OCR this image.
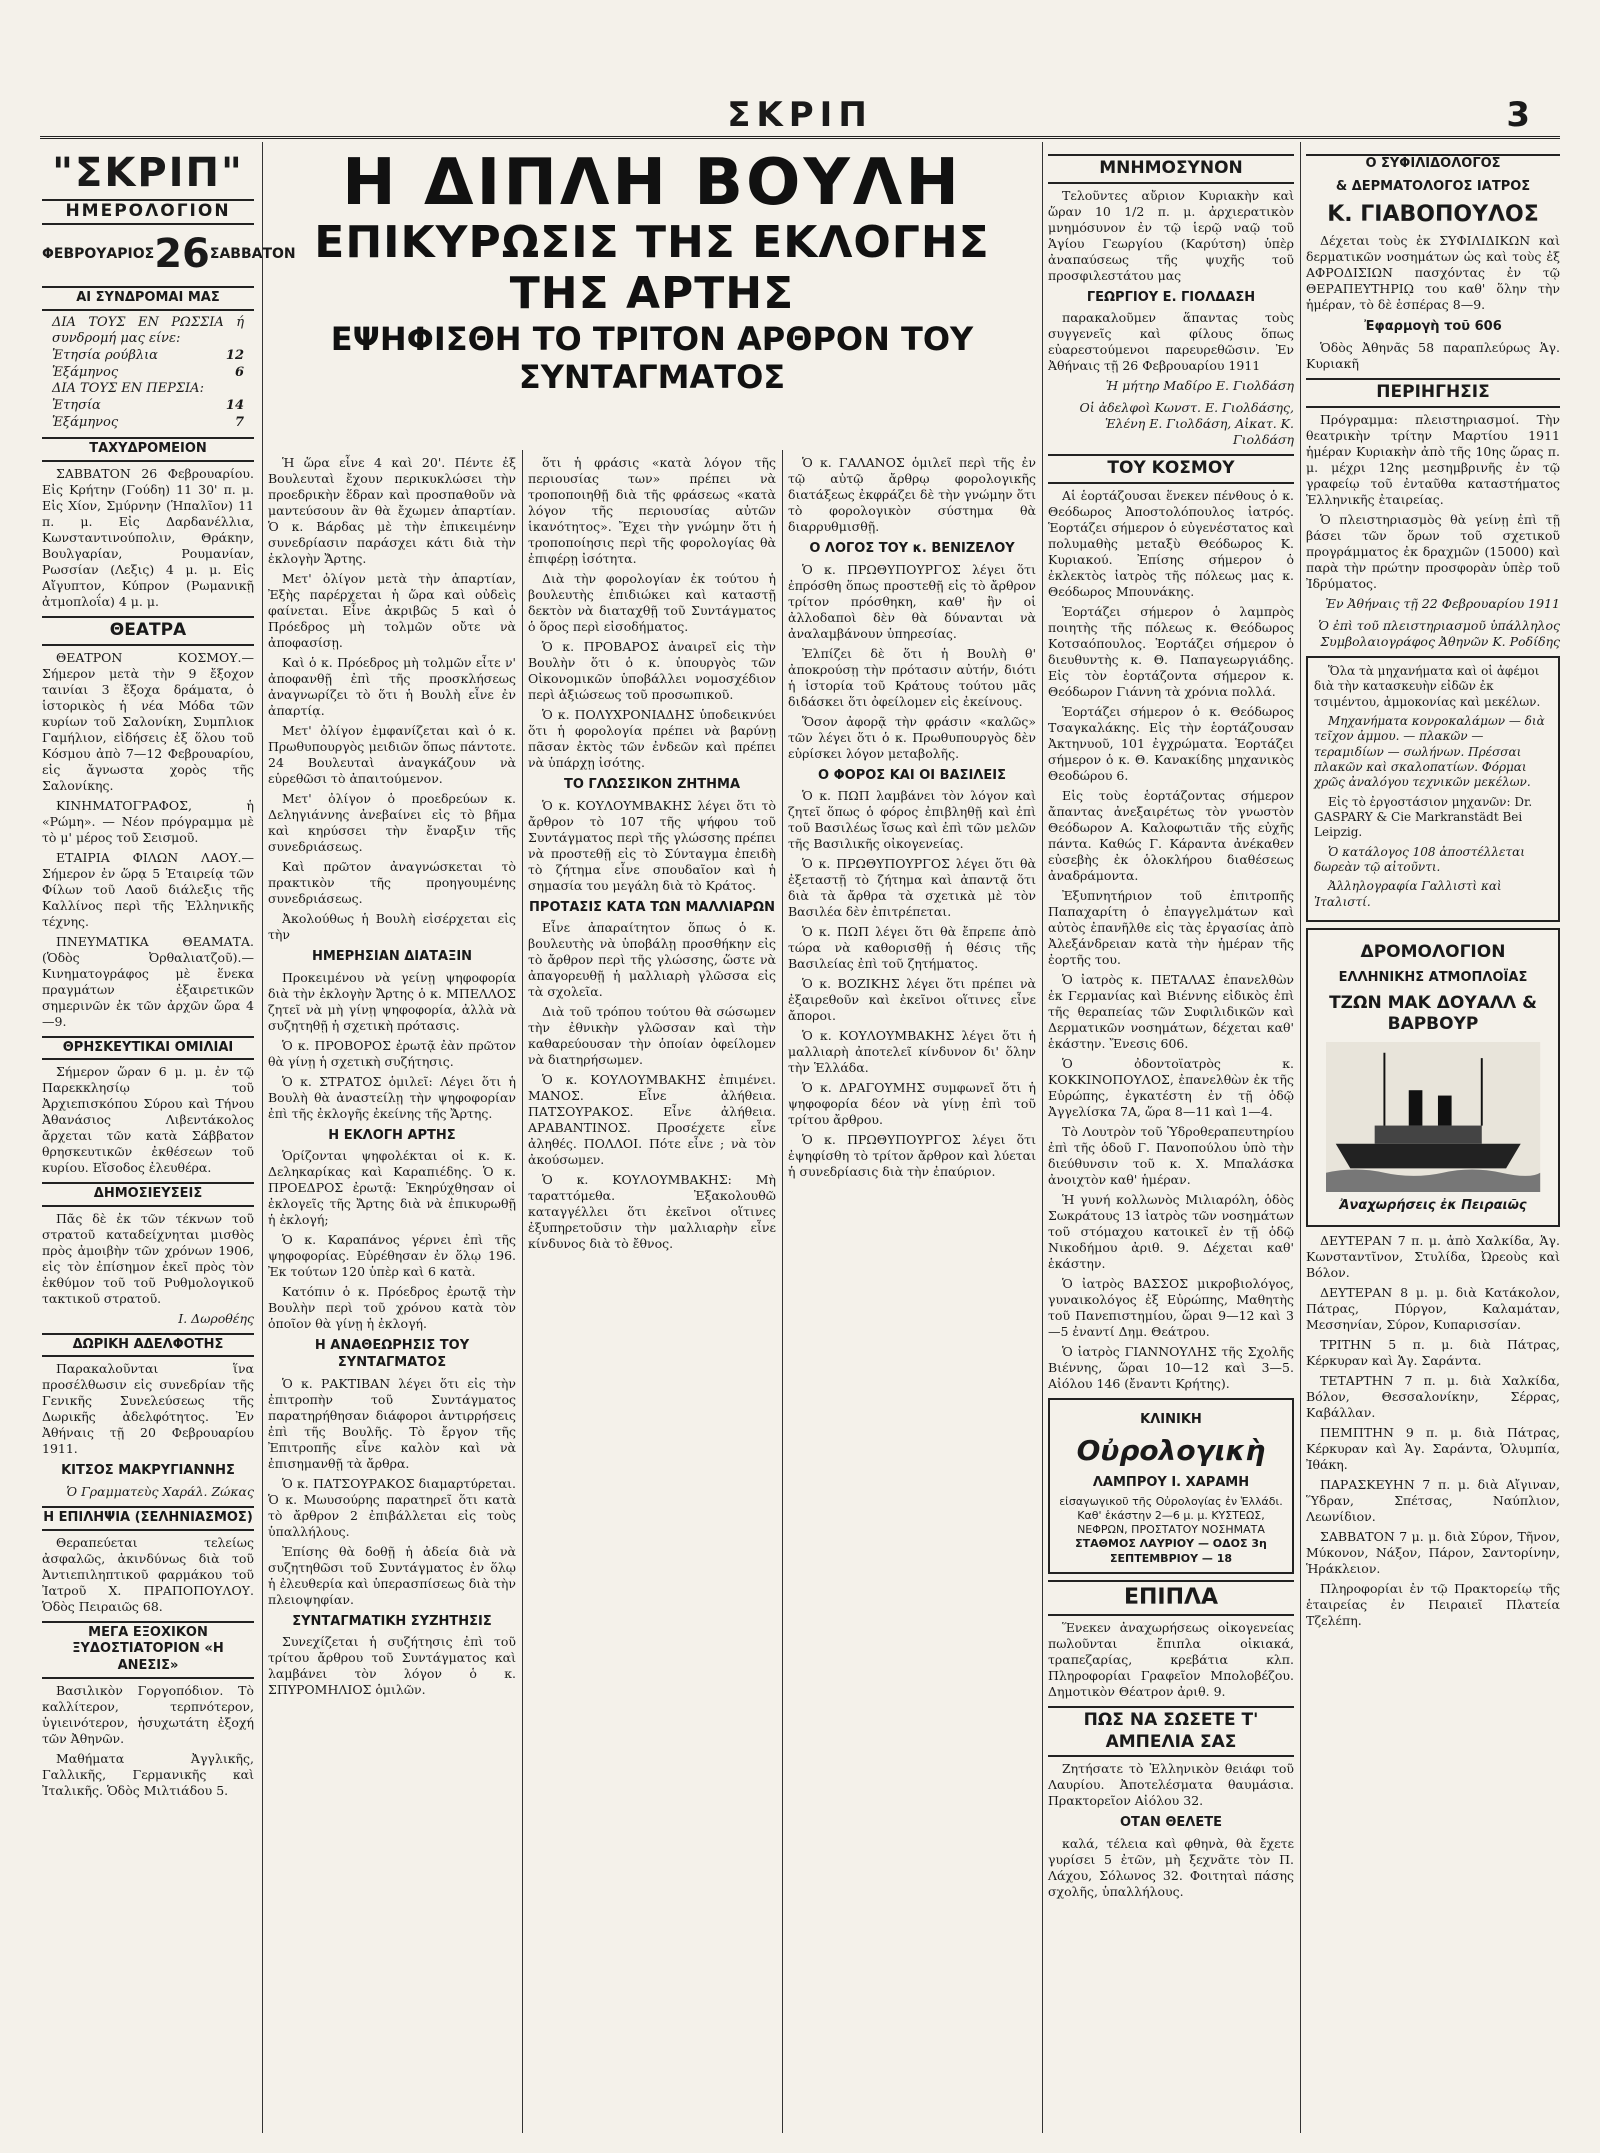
ΣΚΡΙΠ	3
"ΣΚΡΙΠ"
ΗΜΕΡΟΛΟΓΙΟΝ
ΦΕΒΡΟΥΑΡΙΟΣ 26 ΣΑΒΒΑΤΟΝ
ΑΙ ΣΥΝΔΡΟΜΑΙ ΜΑΣ
ΔΙΑ ΤΟΥΣ ΕΝ ΡΩΣΣΙΑ ή συνδρομή μας είνε:
Ἐτησία ρούβλια	12
Ἑξάμηνος	6
ΔΙΑ ΤΟΥΣ ΕΝ ΠΕΡΣΙΑ:
Ἐτησία	14
Ἑξάμηνος	7
ΤΑΧΥΔΡΟΜΕΙΟΝ

ΣΑΒΒΑΤΟΝ 26 Φεβρουαρίου. Εἰς Κρήτην (Γούδη) 11 30' π. μ. Εἰς Χίον, Σμύρνην (Ἡπαλῖον) 11 π. μ. Εἰς Δαρδανέλλια, Κωνσταντινούπολιν, Θράκην, Βουλγαρίαν, Ρουμανίαν, Ρωσσίαν (Λεξις) 4 μ. μ. Εἰς Αἴγυπτον, Κύπρον (Ρωμανικῇ ἀτμοπλοΐα) 4 μ. μ.

ΘΕΑΤΡΑ

ΘΕΑΤΡΟΝ ΚΟΣΜΟΥ.— Σήμερον μετὰ τὴν 9 ἔξοχον ταινίαι 3 ἔξοχα δράματα, ὁ ἱστορικὸς ἡ νέα Μόδα τῶν κυρίων τοῦ Σαλονίκη, Συμπλιοκ Γαμήλιον, εἰδήσεις ἐξ ὅλου τοῦ Κόσμου ἀπὸ 7—12 Φεβρουαρίου, εἰς ἄγνωστα χορὸς τῆς Σαλονίκης.

ΚΙΝΗΜΑΤΟΓΡΑΦΟΣ, ἡ «Ρώμη». — Νέον πρόγραμμα μὲ τὸ μ' μέρος τοῦ Σεισμοῦ.

ΕΤΑΙΡΙΑ ΦΙΛΩΝ ΛΑΟΥ.— Σήμερον ἐν ὥρᾳ 5 Ἑταιρείᾳ τῶν Φίλων τοῦ Λαοῦ διάλεξις τῆς Καλλίνος περὶ τῆς Ἑλληνικῆς τέχνης.

ΠΝΕΥΜΑΤΙΚΑ ΘΕΑΜΑΤΑ. (Ὁδὸς Ὀρθαλιατζοῦ).—Κινηματογράφος μὲ ἕνεκα πραγμάτων ἐξαιρετικῶν σημερινῶν ἐκ τῶν ἀρχῶν ὥρα 4—9.

ΘΡΗΣΚΕΥΤΙΚΑΙ ΟΜΙΛΙΑΙ

Σήμερον ὥραν 6 μ. μ. ἐν τῷ Παρεκκλησίῳ τοῦ Ἀρχιεπισκόπου Σύρου καὶ Τήνου Ἀθανάσιος Λιβεντάκολος ἄρχεται τῶν κατὰ Σάββατον θρησκευτικῶν ἐκθέσεων τοῦ κυρίου. Εἴσοδος ἐλευθέρα.

ΔΗΜΟΣΙΕΥΣΕΙΣ

Πᾶς δὲ ἐκ τῶν τέκνων τοῦ στρατοῦ καταδείχνηται μισθὸς πρὸς ἀμοιβὴν τῶν χρόνων 1906, εἰς τὸν ἐπίσημον ἐκεῖ πρὸς τὸν ἐκθύμον τοῦ τοῦ Ρυθμολογικοῦ τακτικοῦ στρατοῦ.

Ι. Δωροθέης
ΔΩΡΙΚΗ ΑΔΕΛΦΟΤΗΣ

Παρακαλοῦνται ἵνα προσέλθωσιν εἰς συνεδρίαν τῆς Γενικῆς Συνελεύσεως τῆς Δωρικῆς ἀδελφότητος. Ἐν Ἀθήναις τῇ 20 Φεβρουαρίου 1911.

ΚΙΤΣΟΣ ΜΑΚΡΥΓΙΑΝΝΗΣ
Ὁ Γραμματεὺς Χαράλ. Ζώκας
Η ΕΠΙΛΗΨΙΑ (ΣΕΛΗΝΙΑΣΜΟΣ)

Θεραπεύεται τελείως ἀσφαλῶς, ἀκινδύνως διὰ τοῦ Ἀντιεπιληπτικοῦ φαρμάκου τοῦ Ἰατροῦ Χ. ΠΡΑΠΟΠΟΥΛΟΥ. Ὁδὸς Πειραιῶς 68.

ΜΕΓΑ ΕΞΟΧΙΚΟΝ ΞΥΔΟΣΤΙΑΤΟΡΙΟΝ «Η ΑΝΕΣΙΣ»

Βασιλικὸν Γοργοπόδιον. Τὸ καλλίτερον, τερπνότερον, ὑγιεινότερον, ἡσυχωτάτη ἐξοχή τῶν Ἀθηνῶν.

Μαθήματα Ἀγγλικῆς, Γαλλικῆς, Γερμανικῆς καὶ Ἰταλικῆς. Ὁδὸς Μιλτιάδου 5.

Η ΔΙΠΛΗ ΒΟΥΛΗ
ΕΠΙΚΥΡΩΣΙΣ ΤΗΣ ΕΚΛΟΓΗΣ ΤΗΣ ΑΡΤΗΣ
ΕΨΗΦΙΣΘΗ ΤΟ ΤΡΙΤΟΝ ΑΡΘΡΟΝ ΤΟΥ ΣΥΝΤΑΓΜΑΤΟΣ

Ἡ ὥρα εἶνε 4 καὶ 20'. Πέντε ἐξ Βουλευταὶ ἔχουν περικυκλώσει τὴν προεδρικὴν ἕδραν καὶ προσπαθοῦν νὰ μαντεύσουν ἂν θὰ ἔχωμεν ἀπαρτίαν. Ὁ κ. Βάρδας μὲ τὴν ἐπικειμένην συνεδρίασιν παράσχει κάτι διὰ τὴν ἐκλογὴν Ἄρτης.

Μετ' ὀλίγον μετὰ τὴν ἀπαρτίαν, Ἐξὴς παρέρχεται ἡ ὥρα καὶ οὐδεὶς φαίνεται. Εἶνε ἀκριβῶς 5 καὶ ὁ Πρόεδρος μὴ τολμῶν οὔτε νὰ ἀποφασίσῃ.

Καὶ ὁ κ. Πρόεδρος μὴ τολμῶν εἶτε ν' ἀποφανθῇ ἐπὶ τῆς προσκλήσεως ἀναγνωρίζει τὸ ὅτι ἡ Βουλὴ εἶνε ἐν ἀπαρτίᾳ.

Μετ' ὀλίγον ἐμφανίζεται καὶ ὁ κ. Πρωθυπουργὸς μειδιῶν ὅπως πάντοτε. 24 Βουλευταὶ ἀναγκάζουν νὰ εὑρεθῶσι τὸ ἀπαιτούμενον.

Μετ' ὀλίγον ὁ προεδρεύων κ. Δεληγιάννης ἀνεβαίνει εἰς τὸ βῆμα καὶ κηρύσσει τὴν ἔναρξιν τῆς συνεδριάσεως.

Καὶ πρῶτον ἀναγνώσκεται τὸ πρακτικὸν τῆς προηγουμένης συνεδριάσεως.

Ἀκολούθως ἡ Βουλὴ εἰσέρχεται εἰς τὴν

ΗΜΕΡΗΣΙΑΝ ΔΙΑΤΑΞΙΝ

Προκειμένου νὰ γείνῃ ψηφοφορία διὰ τὴν ἐκλογὴν Ἄρτης ὁ κ. ΜΠΕΛΛΟΣ ζητεῖ νὰ μὴ γίνῃ ψηφοφορία, ἀλλὰ νὰ συζητηθῇ ἡ σχετικὴ πρότασις.

Ὁ κ. ΠΡΟΒΟΡΟΣ ἐρωτᾷ ἐὰν πρῶτον θὰ γίνῃ ἡ σχετικὴ συζήτησις.

Ὁ κ. ΣΤΡΑΤΟΣ ὁμιλεῖ: Λέγει ὅτι ἡ Βουλὴ θὰ ἀναστείλῃ τὴν ψηφοφορίαν ἐπὶ τῆς ἐκλογῆς ἐκείνης τῆς Ἄρτης.

Η ΕΚΛΟΓΗ ΑΡΤΗΣ

Ὁρίζονται ψηφολέκται οἱ κ. κ. Δεληκαρίκας καὶ Καραπιέδης. Ὁ κ. ΠΡΟΕΔΡΟΣ ἐρωτᾷ: Ἐκηρύχθησαν οἱ ἐκλογεῖς τῆς Ἄρτης διὰ νὰ ἐπικυρωθῇ ἡ ἐκλογή;

Ὁ κ. Καραπάνος γέρνει ἐπὶ τῆς ψηφοφορίας. Εὑρέθησαν ἐν ὅλῳ 196. Ἐκ τούτων 120 ὑπὲρ καὶ 6 κατὰ.

Κατόπιν ὁ κ. Πρόεδρος ἐρωτᾷ τὴν Βουλὴν περὶ τοῦ χρόνου κατὰ τὸν ὁποῖον θὰ γίνῃ ἡ ἐκλογή.

Η ΑΝΑΘΕΩΡΗΣΙΣ ΤΟΥ ΣΥΝΤΑΓΜΑΤΟΣ

Ὁ κ. ΡΑΚΤΙΒΑΝ λέγει ὅτι εἰς τὴν ἐπιτροπὴν τοῦ Συντάγματος παρατηρήθησαν διάφοροι ἀντιρρήσεις ἐπὶ τῆς Βουλῆς. Τὸ ἔργον τῆς Ἐπιτροπῆς εἶνε καλὸν καὶ νὰ ἐπισημανθῇ τὰ ἄρθρα.

Ὁ κ. ΠΑΤΣΟΥΡΑΚΟΣ διαμαρτύρεται. Ὁ κ. Μωυσούρης παρατηρεῖ ὅτι κατὰ τὸ ἄρθρον 2 ἐπιβάλλεται εἰς τοὺς ὑπαλλήλους.

Ἐπίσης θὰ δοθῇ ἡ ἀδεία διὰ νὰ συζητηθῶσι τοῦ Συντάγματος ἐν ὅλῳ ἡ ἐλευθερία καὶ ὑπερασπίσεως διὰ τὴν πλειοψηφίαν.

ΣΥΝΤΑΓΜΑΤΙΚΗ ΣΥΖΗΤΗΣΙΣ

Συνεχίζεται ἡ συζήτησις ἐπὶ τοῦ τρίτου ἄρθρου τοῦ Συντάγματος καὶ λαμβάνει τὸν λόγον ὁ κ. ΣΠΥΡΟΜΗΛΙΟΣ ὁμιλῶν.

ὅτι ἡ φράσις «κατὰ λόγον τῆς περιουσίας των» πρέπει νὰ τροποποιηθῇ διὰ τῆς φράσεως «κατὰ λόγον τῆς περιουσίας αὐτῶν ἱκανότητος». Ἔχει τὴν γνώμην ὅτι ἡ τροποποίησις περὶ τῆς φορολογίας θὰ ἐπιφέρῃ ἰσότητα.

Διὰ τὴν φορολογίαν ἐκ τούτου ἡ βουλευτὴς ἐπιδιώκει καὶ καταστῇ δεκτὸν νὰ διαταχθῇ τοῦ Συντάγματος ὁ ὅρος περὶ εἰσοδήματος.

Ὁ κ. ΠΡΟΒΑΡΟΣ ἀναιρεῖ εἰς τὴν Βουλὴν ὅτι ὁ κ. ὑπουργὸς τῶν Οἰκονομικῶν ὑποβάλλει νομοσχέδιον περὶ ἀξιώσεως τοῦ προσωπικοῦ.

Ὁ κ. ΠΟΛΥΧΡΟΝΙΑΔΗΣ ὑποδεικνύει ὅτι ἡ φορολογία πρέπει νὰ βαρύνῃ πᾶσαν ἐκτὸς τῶν ἐνδεῶν καὶ πρέπει νὰ ὑπάρχῃ ἰσότης.

ΤΟ ΓΛΩΣΣΙΚΟΝ ΖΗΤΗΜΑ

Ὁ κ. ΚΟΥΛΟΥΜΒΑΚΗΣ λέγει ὅτι τὸ ἄρθρον τὸ 107 τῆς ψήφου τοῦ Συντάγματος περὶ τῆς γλώσσης πρέπει νὰ προστεθῇ εἰς τὸ Σύνταγμα ἐπειδὴ τὸ ζήτημα εἶνε σπουδαῖον καὶ ἡ σημασία του μεγάλη διὰ τὸ Κράτος.

ΠΡΟΤΑΣΙΣ ΚΑΤΑ ΤΩΝ ΜΑΛΛΙΑΡΩΝ

Εἶνε ἀπαραίτητον ὅπως ὁ κ. βουλευτὴς νὰ ὑποβάλῃ προσθήκην εἰς τὸ ἄρθρον περὶ τῆς γλώσσης, ὥστε νὰ ἀπαγορευθῇ ἡ μαλλιαρὴ γλῶσσα εἰς τὰ σχολεῖα.

Διὰ τοῦ τρόπου τούτου θὰ σώσωμεν τὴν ἐθνικὴν γλῶσσαν καὶ τὴν καθαρεύουσαν τὴν ὁποίαν ὀφείλομεν νὰ διατηρήσωμεν.

Ὁ κ. ΚΟΥΛΟΥΜΒΑΚΗΣ ἐπιμένει. ΜΑΝΟΣ. Εἶνε ἀλήθεια. ΠΑΤΣΟΥΡΑΚΟΣ. Εἶνε ἀλήθεια. ΑΡΑΒΑΝΤΙΝΟΣ. Προσέχετε εἶνε ἀληθές. ΠΟΛΛΟΙ. Πότε εἶνε ; νὰ τὸν ἀκούσωμεν.

Ὁ κ. ΚΟΥΛΟΥΜΒΑΚΗΣ: Μὴ ταραττόμεθα. Ἐξακολουθῶ καταγγέλλει ὅτι ἐκεῖνοι οἵτινες ἐξυπηρετοῦσιν τὴν μαλλιαρὴν εἶνε κίνδυνος διὰ τὸ ἔθνος.

Ὁ κ. ΓΑΛΑΝΟΣ ὁμιλεῖ περὶ τῆς ἐν τῷ αὐτῷ ἄρθρῳ φορολογικῆς διατάξεως ἐκφράζει δὲ τὴν γνώμην ὅτι τὸ φορολογικὸν σύστημα θὰ διαρρυθμισθῇ.

Ο ΛΟΓΟΣ ΤΟΥ κ. ΒΕΝΙΖΕΛΟΥ

Ὁ κ. ΠΡΩΘΥΠΟΥΡΓΟΣ λέγει ὅτι ἐπρόσθη ὅπως προστεθῇ εἰς τὸ ἄρθρον τρίτον πρόσθηκη, καθ' ἣν οἱ ἀλλοδαποὶ δὲν θὰ δύνανται νὰ ἀναλαμβάνουν ὑπηρεσίας.

Ἐλπίζει δὲ ὅτι ἡ Βουλὴ θ' ἀποκρούσῃ τὴν πρότασιν αὐτήν, διότι ἡ ἱστορία τοῦ Κράτους τούτου μᾶς διδάσκει ὅτι ὀφείλομεν εἰς ἐκείνους.

Ὅσον ἀφορᾷ τὴν φράσιν «καλῶς» τῶν λέγει ὅτι ὁ κ. Πρωθυπουργὸς δὲν εὑρίσκει λόγον μεταβολῆς.

Ο ΦΟΡΟΣ ΚΑΙ ΟΙ ΒΑΣΙΛΕΙΣ

Ὁ κ. ΠΩΠ λαμβάνει τὸν λόγον καὶ ζητεῖ ὅπως ὁ φόρος ἐπιβληθῇ καὶ ἐπὶ τοῦ Βασιλέως ἴσως καὶ ἐπὶ τῶν μελῶν τῆς Βασιλικῆς οἰκογενείας.

Ὁ κ. ΠΡΩΘΥΠΟΥΡΓΟΣ λέγει ὅτι θὰ ἐξεταστῇ τὸ ζήτημα καὶ ἀπαντᾷ ὅτι διὰ τὰ ἄρθρα τὰ σχετικὰ μὲ τὸν Βασιλέα δὲν ἐπιτρέπεται.

Ὁ κ. ΠΩΠ λέγει ὅτι θὰ ἔπρεπε ἀπὸ τώρα νὰ καθορισθῇ ἡ θέσις τῆς Βασιλείας ἐπὶ τοῦ ζητήματος.

Ὁ κ. ΒΟΖΙΚΗΣ λέγει ὅτι πρέπει νὰ ἐξαιρεθοῦν καὶ ἐκεῖνοι οἵτινες εἶνε ἄποροι.

Ὁ κ. ΚΟΥΛΟΥΜΒΑΚΗΣ λέγει ὅτι ἡ μαλλιαρὴ ἀποτελεῖ κίνδυνον δι' ὅλην τὴν Ἑλλάδα.

Ὁ κ. ΔΡΑΓΟΥΜΗΣ συμφωνεῖ ὅτι ἡ ψηφοφορία δέον νὰ γίνῃ ἐπὶ τοῦ τρίτου ἄρθρου.

Ὁ κ. ΠΡΩΘΥΠΟΥΡΓΟΣ λέγει ὅτι ἐψηφίσθη τὸ τρίτον ἄρθρον καὶ λύεται ἡ συνεδρίασις διὰ τὴν ἐπαύριον.

ΜΝΗΜΟΣΥΝΟΝ

Τελοῦντες αὔριον Κυριακὴν καὶ ὥραν 10 1/2 π. μ. ἀρχιερατικὸν μνημόσυνον ἐν τῷ ἱερῷ ναῷ τοῦ Ἁγίου Γεωργίου (Καρύτση) ὑπὲρ ἀναπαύσεως τῆς ψυχῆς τοῦ προσφιλεστάτου μας

ΓΕΩΡΓΙΟΥ Ε. ΓΙΟΛΔΑΣΗ

παρακαλοῦμεν ἅπαντας τοὺς συγγενεῖς καὶ φίλους ὅπως εὐαρεστούμενοι παρευρεθῶσιν. Ἐν Ἀθήναις τῇ 26 Φεβρουαρίου 1911

Ἡ μήτηρ Μαδίρο Ε. Γιολδάση
Οἱ ἀδελφοὶ Κωνστ. Ε. Γιολδάσης, Ἑλένη Ε. Γιολδάση, Αἰκατ. Κ. Γιολδάση
ΤΟΥ ΚΟΣΜΟΥ

Αἱ ἑορτάζουσαι ἕνεκεν πένθους ὁ κ. Θεόδωρος Ἀποστολόπουλος ἰατρός. Ἑορτάζει σήμερον ὁ εὐγενέστατος καὶ πολυμαθὴς μεταξὺ Θεόδωρος Κ. Κυριακού. Ἐπίσης σήμερον ὁ ἐκλεκτὸς ἰατρὸς τῆς πόλεως μας κ. Θεόδωρος Μπουνάκης.

Ἑορτάζει σήμερον ὁ λαμπρὸς ποιητὴς τῆς πόλεως κ. Θεόδωρος Κοτσαόπουλος. Ἑορτάζει σήμερον ὁ διευθυντὴς κ. Θ. Παπαγεωργιάδης. Εἰς τὸν ἑορτάζοντα σήμερον κ. Θεόδωρον Γιάννη τὰ χρόνια πολλά.

Ἑορτάζει σήμερον ὁ κ. Θεόδωρος Τσαγκαλάκης. Εἰς τὴν ἑορτάζουσαν Ἀκτηνυοῦ, 101 ἐγχρώματα. Ἑορτάζει σήμερον ὁ κ. Θ. Κανακίδης μηχανικὸς Θεοδώρου 6.

Εἰς τοὺς ἑορτάζοντας σήμερον ἄπαντας ἀνεξαιρέτως τὸν γνωστὸν Θεόδωρον Α. Καλοφωτιᾶν τῆς εὐχῆς πάντα. Καθώς Γ. Κάραντα ἀνέκαθεν εὐσεβὴς ἐκ ὁλοκλήρου διαθέσεως ἀναδράμοντα.

Ἐξυπνητήριον τοῦ ἐπιτροπῆς Παπαχαρίτη ὁ ἐπαγγελμάτων καὶ αὐτὸς ἐπανῆλθε εἰς τὰς ἐργασίας ἀπὸ Ἀλεξάνδρειαν κατὰ τὴν ἡμέραν τῆς ἐορτῆς του.

Ὁ ἰατρὸς κ. ΠΕΤΑΛΑΣ ἐπανελθὼν ἐκ Γερμανίας καὶ Βιέννης εἰδικὸς ἐπὶ τῆς θεραπείας τῶν Συφιλιδικῶν καὶ Δερματικῶν νοσημάτων, δέχεται καθ' ἑκάστην. Ἔνεσις 606.

Ὁ ὀδοντοϊατρὸς κ. ΚΟΚΚΙΝΟΠΟΥΛΟΣ, ἐπανελθὼν ἐκ τῆς Εὐρώπης, ἐγκατέστη ἐν τῇ ὁδῷ Ἀγγελίσκα 7Α, ὥρα 8—11 καὶ 1—4.

Τὸ Λουτρὸν τοῦ Ὑδροθεραπευτηρίου ἐπὶ τῆς ὁδοῦ Γ. Πανοπούλου ὑπὸ τὴν διεύθυνσιν τοῦ κ. Χ. Μπαλάσκα ἀνοιχτὸν καθ' ἡμέραν.

Ἡ γυνή κολλωνὸς Μιλιαρόλη, ὁδὸς Σωκράτους 13 ἰατρὸς τῶν νοσημάτων τοῦ στόμαχου κατοικεῖ ἐν τῇ ὁδῷ Νικοδήμου ἀριθ. 9. Δέχεται καθ' ἑκάστην.

Ὁ ἰατρὸς ΒΑΣΣΟΣ μικροβιολόγος, γυναικολόγος ἐξ Εὐρώπης, Μαθητὴς τοῦ Πανεπιστημίου, ὥραι 9—12 καὶ 3—5 ἐναντί Δημ. Θεάτρου.

Ὁ ἰατρὸς ΓΙΑΝΝΟΥΛΗΣ τῆς Σχολῆς Βιέννης, ὥραι 10—12 καὶ 3—5. Αἰόλου 146 (ἔναντι Κρήτης).

ΚΛΙΝΙΚΗ
Οὐρολογικὴ
ΛΑΜΠΡΟΥ Ι. ΧΑΡΑΜΗ
εἰσαγωγικοῦ τῆς Οὐρολογίας ἐν Ἑλλάδι. Καθ' ἑκάστην 2—6 μ. μ. ΚΥΣΤΕΩΣ, ΝΕΦΡΩΝ, ΠΡΟΣΤΑΤΟΥ ΝΟΣΗΜΑΤΑ
ΣΤΑΘΜΟΣ ΛΑΥΡΙΟΥ — ΟΔΟΣ 3η ΣΕΠΤΕΜΒΡΙΟΥ — 18
ΕΠΙΠΛΑ

Ἕνεκεν ἀναχωρήσεως οἰκογενείας πωλοῦνται ἔπιπλα οἰκιακά, τραπεζαρίας, κρεβάτια κλπ. Πληροφορίαι Γραφεῖον Μπολοβέζου. Δημοτικὸν Θέατρον ἀριθ. 9.

ΠΩΣ ΝΑ ΣΩΣΕΤΕ Τ' ΑΜΠΕΛΙΑ ΣΑΣ

Ζητήσατε τὸ Ἑλληνικὸν θειάφι τοῦ Λαυρίου. Ἀποτελέσματα θαυμάσια. Πρακτορεῖον Αἰόλου 32.

ΟΤΑΝ ΘΕΛΕΤΕ

καλά, τέλεια καὶ φθηνὰ, θὰ ἔχετε γυρίσει 5 ἐτῶν, μὴ ξεχνᾶτε τὸν Π. Λάχου, Σόλωνος 32. Φοιτηταὶ πάσης σχολῆς, ὑπαλλήλους.

Ο ΣΥΦΙΛΙΔΟΛΟΓΟΣ
& ΔΕΡΜΑΤΟΛΟΓΟΣ ΙΑΤΡΟΣ
Κ. ΓΙΑΒΟΠΟΥΛΟΣ

Δέχεται τοὺς ἐκ ΣΥΦΙΛΙΔΙΚΩΝ καὶ δερματικῶν νοσημάτων ὡς καὶ τοὺς ἐξ ΑΦΡΟΔΙΣΙΩΝ πασχόντας ἐν τῷ ΘΕΡΑΠΕΥΤΗΡΙῼ του καθ' ὅλην τὴν ἡμέραν, τὸ δὲ ἑσπέρας 8—9.

Ἐφαρμογὴ τοῦ 606

Ὁδὸς Ἀθηνᾶς 58 παραπλεύρως Ἁγ. Κυριακῆ

ΠΕΡΙΗΓΗΣΙΣ

Πρόγραμμα: πλειστηριασμοί. Τὴν θεατρικὴν τρίτην Μαρτίου 1911 ἡμέραν Κυριακὴν ἀπὸ τῆς 10ης ὥρας π. μ. μέχρι 12ης μεσημβρινῆς ἐν τῷ γραφείῳ τοῦ ἐνταῦθα καταστήματος Ἑλληνικῆς ἐταιρείας.

Ὁ πλειστηριασμὸς θὰ γείνῃ ἐπὶ τῇ βάσει τῶν ὅρων τοῦ σχετικοῦ προγράμματος ἐκ δραχμῶν (15000) καὶ παρὰ τὴν πρώτην προσφορὰν ὑπὲρ τοῦ Ἰδρύματος.

Ἐν Ἀθήναις τῇ 22 Φεβρουαρίου 1911
Ὁ ἐπὶ τοῦ πλειστηριασμοῦ ὑπάλληλος Συμβολαιογράφος Ἀθηνῶν Κ. Ροδίδης

Ὅλα τὰ μηχανήματα καὶ οἱ ἀφέμοι διὰ τὴν κατασκευὴν εἰδῶν ἐκ τσιμέντου, ἀμμοκονίας καὶ μεκέλων.

Μηχανήματα κονροκαλάμων — διὰ τεῖχον ἀμμου. — πλακῶν — τεραμιδίων — σωλήνων. Πρέσσαι πλακῶν καὶ σκαλοπατίων. Φόρμαι χρῶς ἀναλόγου τεχνικῶν μεκέλων.

Εἰς τὸ ἐργοστάσιον μηχανῶν: Dr. GASPARY & Cie Markranstädt Bei Leipzig.

Ὁ κατάλογος 108 ἀποστέλλεται δωρεὰν τῷ αἰτοῦντι.

Ἀλληλογραφία Γαλλιστὶ καὶ Ἰταλιστί.

ΔΡΟΜΟΛΟΓΙΟΝ
ΕΛΛΗΝΙΚΗΣ ΑΤΜΟΠΛΟΪΑΣ
ΤΖΩΝ ΜΑΚ ΔΟΥΑΛΛ & ΒΑΡΒΟΥΡ
Ἀναχωρήσεις ἐκ Πειραιῶς

ΔΕΥΤΕΡΑΝ 7 π. μ. ἀπὸ Χαλκίδα, Ἁγ. Κωνσταντῖνον, Στυλίδα, Ὠρεοὺς καὶ Βόλον.

ΔΕΥΤΕΡΑΝ 8 μ. μ. διὰ Κατάκολον, Πάτρας, Πύργον, Καλαμάταν, Μεσσηνίαν, Σύρον, Κυπαρισσίαν.

ΤΡΙΤΗΝ 5 π. μ. διὰ Πάτρας, Κέρκυραν καὶ Ἁγ. Σαράντα.

ΤΕΤΑΡΤΗΝ 7 π. μ. διὰ Χαλκίδα, Βόλον, Θεσσαλονίκην, Σέρρας, Καβάλλαν.

ΠΕΜΠΤΗΝ 9 π. μ. διὰ Πάτρας, Κέρκυραν καὶ Ἁγ. Σαράντα, Ὁλυμπία, Ἰθάκη.

ΠΑΡΑΣΚΕΥΗΝ 7 π. μ. διὰ Αἴγιναν, Ὕδραν, Σπέτσας, Ναύπλιον, Λεωνίδιον.

ΣΑΒΒΑΤΟΝ 7 μ. μ. διὰ Σύρον, Τῆνον, Μύκονον, Νάξον, Πάρον, Σαντορίνην, Ἡράκλειον.

Πληροφορίαι ἐν τῷ Πρακτορείῳ τῆς ἑταιρείας ἐν Πειραιεῖ Πλατεία Τζελέπη.
